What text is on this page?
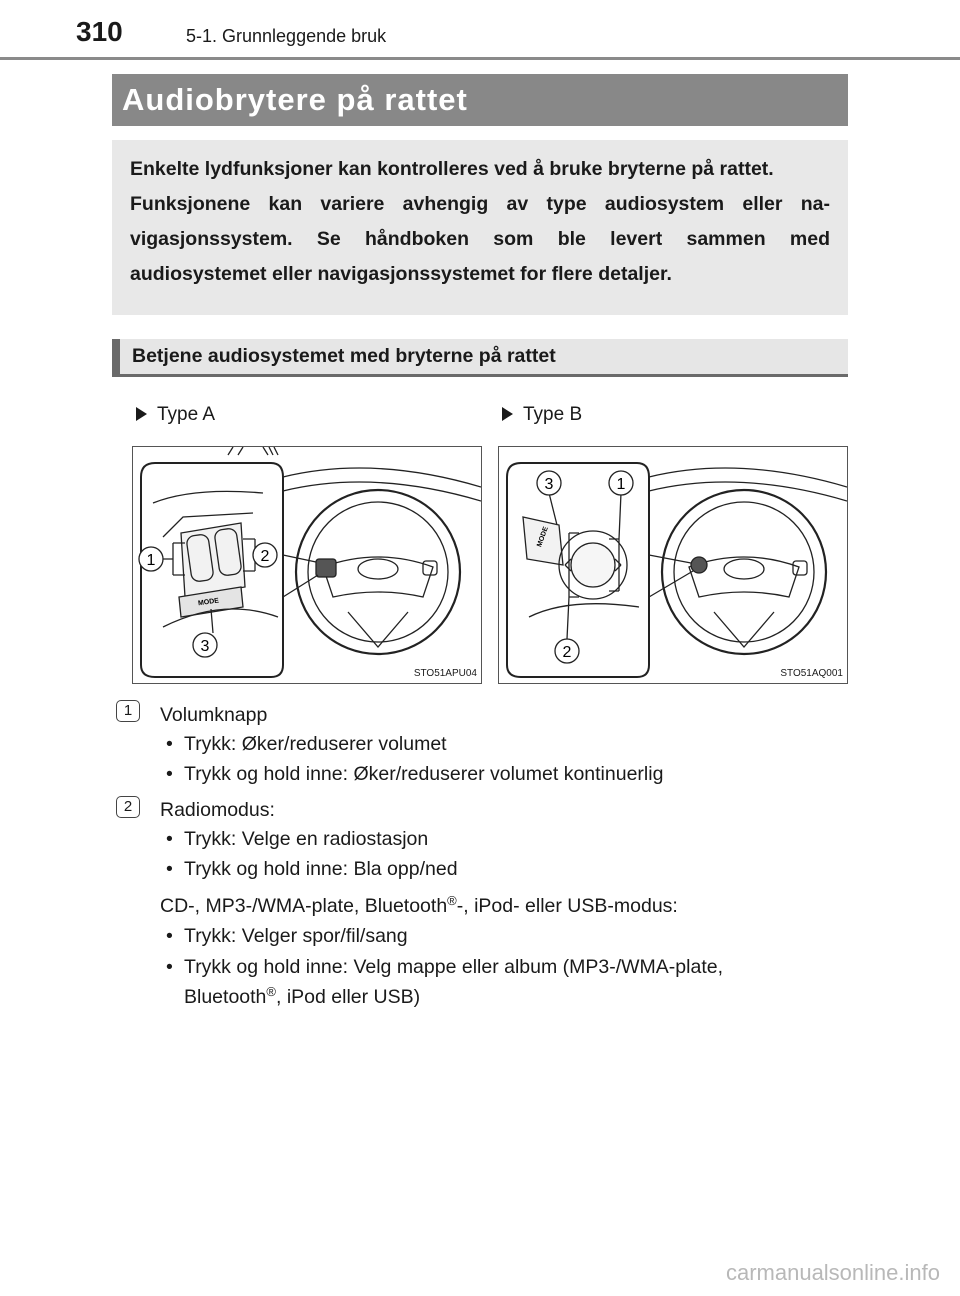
310	5-1. Grunnleggende bruk
Audiobrytere på rattet

Enkelte lydfunksjoner kan kontrolleres ved å bruke bryterne på rattet.

Funksjonene kan variere avhengig av type audiosystem eller navigasjonssystem. Se håndboken som ble levert sammen med audiosystemet eller navigasjonssystemet for flere detaljer.

Betjene audiosystemet med bryterne på rattet
Type A	Type B
MODE
1	2
3
STO51APU04
MODE
3	1
2
STO51AQ001
1	Volumknapp
• Trykk: Øker/reduserer volumet
• Trykk og hold inne: Øker/reduserer volumet kontinuerlig
2	Radiomodus:
• Trykk: Velge en radiostasjon
• Trykk og hold inne: Bla opp/ned
CD-, MP3-/WMA-plate, Bluetooth®-, iPod- eller USB-modus:
• Trykk: Velger spor/fil/sang
• Trykk og hold inne: Velg mappe eller album (MP3-/WMA-plate,
Bluetooth®, iPod eller USB)
carmanualsonline.info
